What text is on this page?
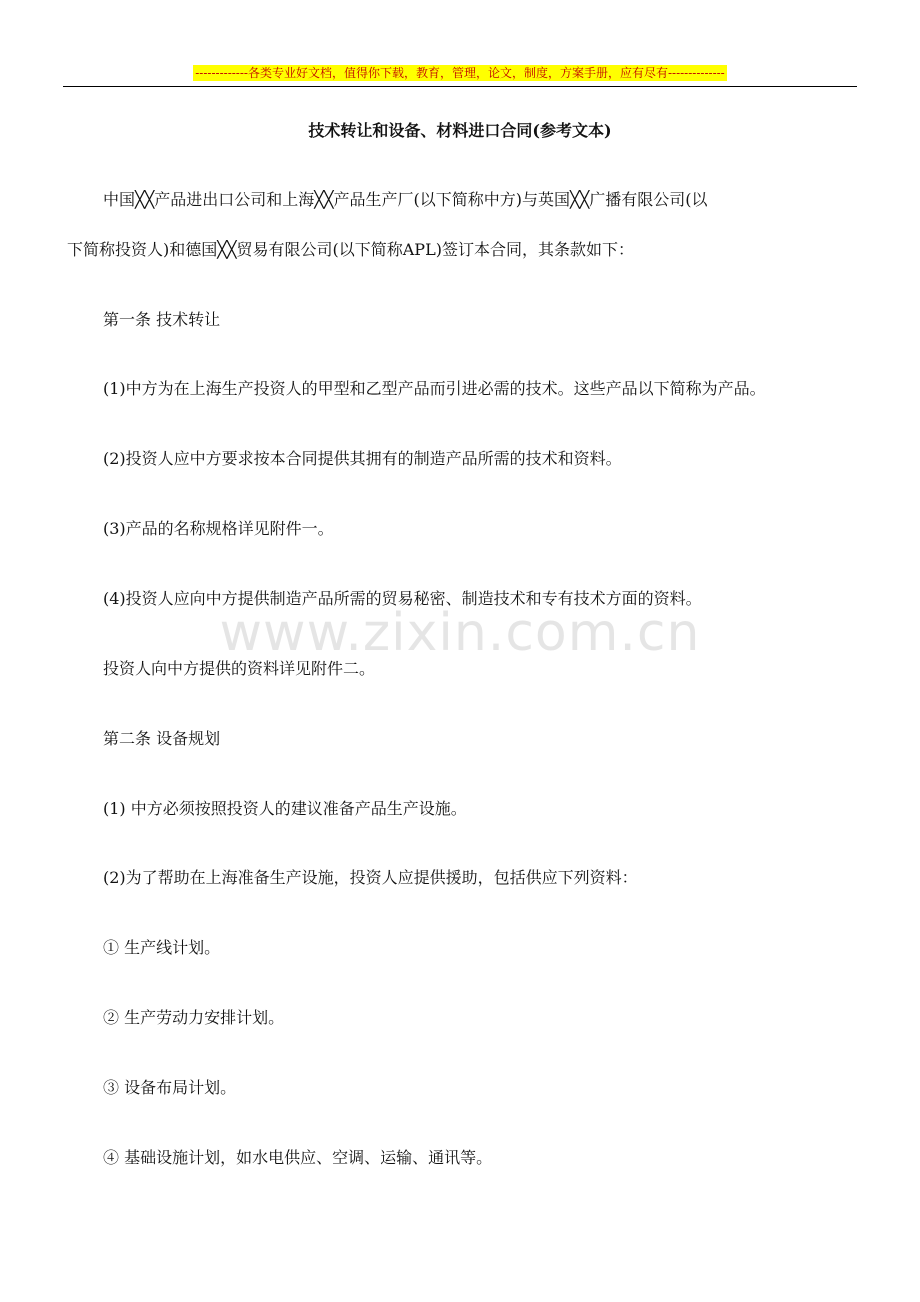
-------------各类专业好文档，值得你下载，教育，管理，论文，制度，方案手册，应有尽有--------------
技术转让和设备、材料进口合同(参考文本)
中国╳╳产品进出口公司和上海╳╳产品生产厂(以下简称中方)与英国╳╳广播有限公司(以
下简称投资人)和德国╳╳贸易有限公司(以下简称APL)签订本合同，其条款如下：
第一条 技术转让
(1)中方为在上海生产投资人的甲型和乙型产品而引进必需的技术。这些产品以下简称为产品。
(2)投资人应中方要求按本合同提供其拥有的制造产品所需的技术和资料。
(3)产品的名称规格详见附件一。
(4)投资人应向中方提供制造产品所需的贸易秘密、制造技术和专有技术方面的资料。
投资人向中方提供的资料详见附件二。
第二条 设备规划
(1) 中方必须按照投资人的建议准备产品生产设施。
(2)为了帮助在上海准备生产设施，投资人应提供援助，包括供应下列资料：
① 生产线计划。
② 生产劳动力安排计划。
③ 设备布局计划。
④ 基础设施计划，如水电供应、空调、运输、通讯等。
www.zixin.com.cn
